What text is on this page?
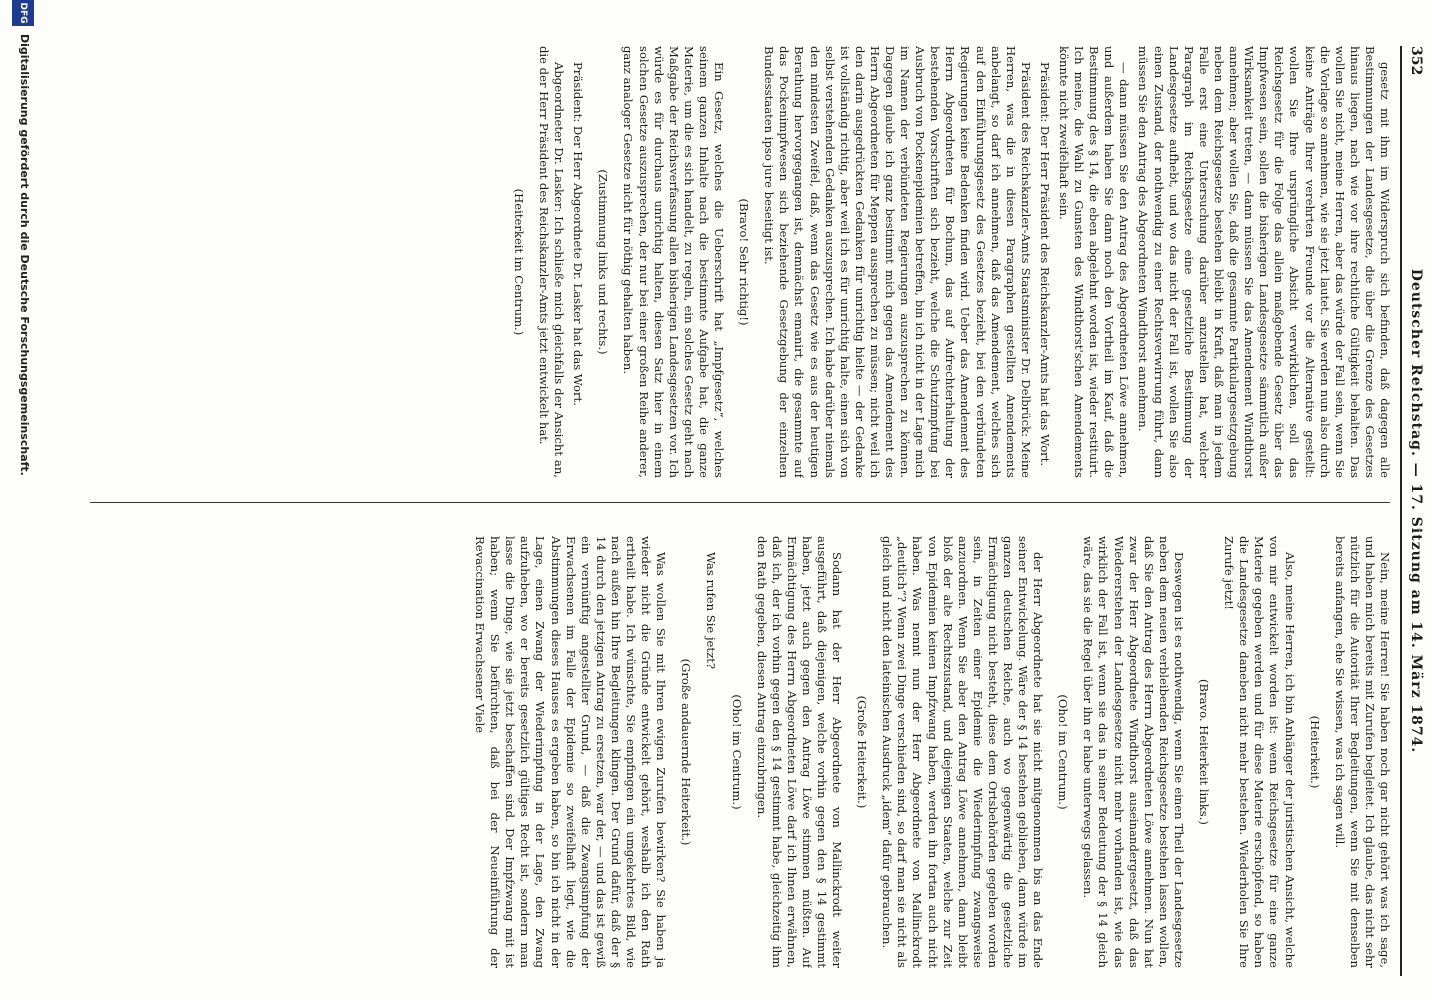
352
Deutscher Reichstag. — 17. Sitzung am 14. März 1874.

gesetz mit ihm im Widerspruch sich befinden, daß dagegen alle Bestimmungen der Landesgesetze, die über die Grenze des Gesetzes hinaus liegen, nach wie vor ihre rechtliche Gültigkeit behalten. Das wollen Sie nicht, meine Herren, aber das würde der Fall sein, wenn Sie die Vorlage so annehmen, wie sie jetzt lautet. Sie werden nun also durch keine Anträge Ihrer verehrten Freunde vor die Alternative gestellt: wollen Sie Ihre ursprüngliche Absicht verwirklichen, soll das Reichsgesetz für die Folge das allein maßgebende Gesetz über das Impfwesen sein, sollen die bisherigen Landesgesetze sämmtlich außer Wirksamkeit treten, — dann müssen Sie das Amendement Windthorst annehmen; aber wollen Sie, daß die gesammte Partikulargesetzgebung neben dem Reichsgesetze bestehen bleibt in Kraft, daß man in jedem Falle erst eine Untersuchung darüber anzustellen hat, welcher Paragraph im Reichsgesetze eine gesetzliche Bestimmung der Landesgesetze aufhebt, und wo das nicht der Fall ist, wollen Sie also einen Zustand, der nothwendig zu einer Rechtsverwirrung führt, dann müssen Sie den Antrag des Abgeordneten Windthorst annehmen.

— dann müssen Sie den Antrag des Abgeordneten Löwe annehmen, und außerdem haben Sie dann noch den Vortheil im Kauf, daß die Bestimmung des § 14, die eben abgelehnt worden ist, wieder restituirt. Ich meine, die Wahl zu Gunsten des Windthorst'schen Amendements könnte nicht zweifelhaft sein.

Präsident: Der Herr Präsident des Reichskanzler-Amts hat das Wort.

Präsident des Reichskanzler-Amts Staatsminister Dr. Delbrück: Meine Herren, was die in diesen Paragraphen gestellten Amendements anbelangt, so darf ich annehmen, daß das Amendement, welches sich auf den Einführungsgesetz des Gesetzes bezieht, bei den verbündeten Regierungen keine Bedenken finden wird. Ueber das Amendement des Herrn Abgeordneten für Bochum, das auf Aufrechterhaltung der bestehenden Vorschriften sich bezieht, welche die Schutzimpfung bei Ausbruch von Pockenepidemien betreffen, bin ich nicht in der Lage mich im Namen der verbündeten Regierungen auszusprechen zu können. Dagegen glaube ich ganz bestimmt mich gegen das Amendement des Herrn Abgeordneten für Meppen aussprechen zu müssen; nicht weil ich den darin ausgedrückten Gedanken für unrichtig hielte — der Gedanke ist vollständig richtig, aber weil ich es für unrichtig halte, einen sich von selbst verstehenden Gedanken auszusprechen. Ich habe darüber niemals den mindesten Zweifel, daß, wenn das Gesetz wie es aus der heutigen Berathung hervorgegangen ist, demnächst emanirt, die gesammte auf das Pockenimpfwesen sich beziehende Gesetzgebung der einzelnen Bundesstaaten ipso jure beseitigt ist.

(Bravo! Sehr richtig!)

Ein Gesetz, welches die Ueberschrift hat „Impfgesetz“, welches seinem ganzen Inhalte nach die bestimmte Aufgabe hat, die ganze Materie, um die es sich handelt, zu regeln, ein solches Gesetz geht nach Maßgabe der Reichsverfassung allen bisherigen Landesgesetzen vor. Ich würde es für durchaus unrichtig halten, diesen Satz hier in einem solchen Gesetze auszusprechen, der nur bei einer großen Reihe anderer, ganz analoger Gesetze nicht für nöthig gehalten haben.

(Zustimmung links und rechts.)

Präsident: Der Herr Abgeordnete Dr. Lasker hat das Wort.

Abgeordneter Dr. Lasker: Ich schließe mich gleichfalls der Ansicht an, die der Herr Präsident des Reichskanzler-Amts jetzt entwickelt hat.

(Heiterkeit im Centrum.)

Nein, meine Herren! Sie haben noch gar nicht gehört was ich sage, und haben mich bereits mit Zurufen begleitet. Ich glaube, das nicht sehr nützlich für die Autorität Ihrer Begleitungen, wenn Sie mit denselben bereits anfangen, ehe Sie wissen, was ich sagen will.

(Heiterkeit.)

Also, meine Herren, ich bin Anhänger der juristischen Ansicht, welche von mir entwickelt worden ist: wenn Reichsgesetze für eine ganze Materie gegeben werden und für diese Materie erschöpfend, so haben die Landesgesetze daneben nicht mehr bestehen. Wiederholen Sie Ihre Zurufe jetzt!

(Bravo. Heiterkeit links.)

Deswegen ist es nothwendig, wenn Sie einen Theil der Landesgesetze neben dem neuen verbleibenden Reichsgesetze bestehen lassen wollen, daß Sie den Antrag des Herrn Abgeordneten Löwe annehmen. Nun hat zwar der Herr Abgeordnete Windthorst auseinandergesetzt, daß das Wiedererstehen der Landesgesetze nicht mehr vorhanden ist, wie das wirklich der Fall ist, wenn sie das in seiner Bedeutung der § 14 gleich wäre, das sie die Regel über ihn er habe unterwegs gelassen.

(Oho! im Centrum.)

der Herr Abgeordnete hat sie nicht mitgenommen bis an das Ende seiner Entwickelung. Wäre der § 14 bestehen geblieben, dann würde im ganzen deutschen Reiche, auch wo gegenwärtig die gesetzliche Ermächtigung nicht besteht, diese dem Ortsbehörden gegeben worden sein, in Zeiten einer Epidemie die Wiederimpfung zwangsweise anzuordnen. Wenn Sie aber den Antrag Löwe annehmen, dann bleibt bloß der alte Rechtszustand, und diejenigen Staaten, welche zur Zeit von Epidemien keinen Impfzwang haben, werden ihn fortan auch nicht haben. Was nennt nun der Herr Abgeordnete von Mallinckrodt „deutlich“? Wenn zwei Dinge verschieden sind, so darf man sie nicht als gleich und nicht den lateinischen Ausdruck „idem“ dafür gebrauchen.

(Große Heiterkeit.)

Sodann hat der Herr Abgeordnete von Mallinckrodt weiter ausgeführt, daß diejenigen, welche vorhin gegen den § 14 gestimmt haben, jetzt auch gegen den Antrag Löwe stimmen müßten. Auf Ermächtigung des Herrn Abgeordneten Löwe darf ich Ihnen erwähnen, daß ich, der ich vorhin gegen den § 14 gestimmt habe, gleichzeitig ihm den Rath gegeben, diesen Antrag einzubringen.

(Oho! im Centrum.)

Was rufen Sie jetzt?

(Große andauernde Heiterkeit.)

Was wollen Sie mit Ihren ewigen Zurufen bewirken? Sie haben ja wieder nicht die Gründe entwickelt gehört, weshalb ich den Rath ertheilt habe. Ich wünschte, Sie empfingen ein umgekehrtes Bild, wie nach außen hin Ihre Begleitungen klingen. Der Grund dafür, daß der § 14 durch den jetzigen Antrag zu ersetzen, war der, — und das ist gewiß ein vernünftig angestellter Grund, — daß die Zwangsimpfung der Erwachsenen im Falle der Epidemie so zweifelhaft liegt, wie die Abstimmungen dieses Hauses es ergeben haben, so bin ich nicht in der Lage, einen Zwang der Wiederimpfung in der Lage, den Zwang aufzuheben, wo er bereits gesetzlich gültiges Recht ist, sondern man lasse die Dinge, wie sie jetzt beschaffen sind. Der Impfzwang mit ist haben; wenn Sie befürchten, daß bei der Neueinführung der Revaccination Erwachsener Viele

DFG
Digitalisierung gefördert durch die Deutsche Forschungsgemeinschaft.
